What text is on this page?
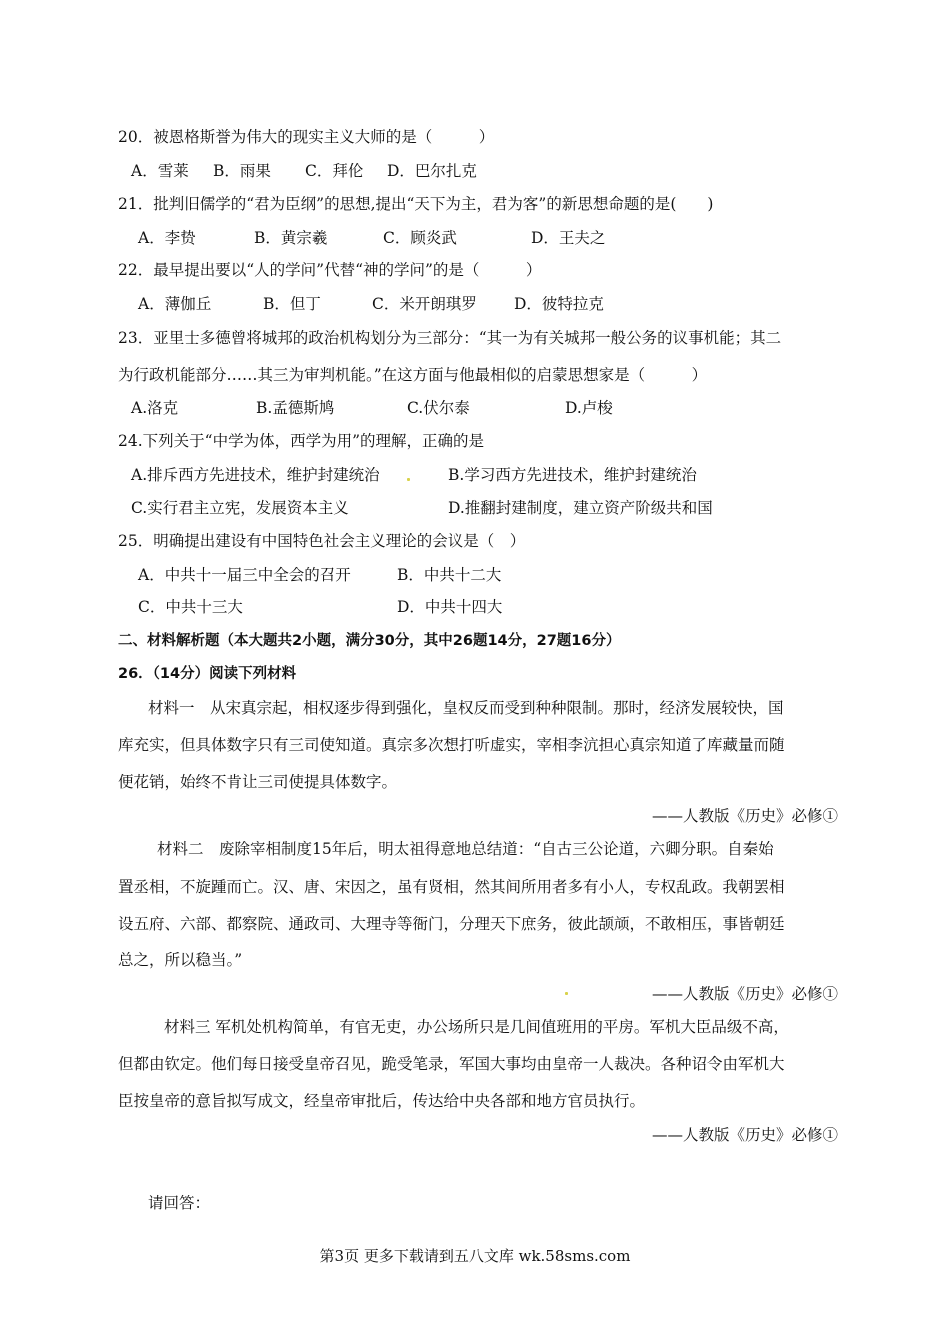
20．被恩格斯誉为伟大的现实主义大师的是（　　　）
A．雪莱 B．雨果 C．拜伦 D．巴尔扎克
21．批判旧儒学的“君为臣纲”的思想,提出“天下为主，君为客”的新思想命题的是(　　)
A．李贽	B．黄宗羲	C．顾炎武	D．王夫之
22．最早提出要以“人的学问”代替“神的学问”的是（　　　）
A．薄伽丘	B．但丁	C．米开朗琪罗 D．彼特拉克
23．亚里士多德曾将城邦的政治机构划分为三部分：“其一为有关城邦一般公务的议事机能；其二
为行政机能部分……其三为审判机能。”在这方面与他最相似的启蒙思想家是（　　　）
A.洛克	B.孟德斯鸠	C.伏尔泰	D.卢梭
24.下列关于“中学为体，西学为用”的理解，正确的是
A.排斥西方先进技术，维护封建统治	B.学习西方先进技术，维护封建统治
C.实行君主立宪，发展资本主义	D.推翻封建制度，建立资产阶级共和国
25．明确提出建设有中国特色社会主义理论的会议是（　）
A．中共十一届三中全会的召开	B．中共十二大
C．中共十三大	D．中共十四大
二、材料解析题（本大题共2小题，满分30分，其中26题14分，27题16分）
26．（14分）阅读下列材料
材料一　从宋真宗起，相权逐步得到强化，皇权反而受到种种限制。那时，经济发展较快，国
库充实，但具体数字只有三司使知道。真宗多次想打听虚实，宰相李沆担心真宗知道了库藏量而随
便花销，始终不肯让三司使提具体数字。
——人教版《历史》必修①
材料二　废除宰相制度15年后，明太祖得意地总结道：“自古三公论道，六卿分职。自秦始
置丞相，不旋踵而亡。汉、唐、宋因之，虽有贤相，然其间所用者多有小人，专权乱政。我朝罢相
设五府、六部、都察院、通政司、大理寺等衙门，分理天下庶务，彼此颉颃，不敢相压，事皆朝廷
总之，所以稳当。”
——人教版《历史》必修①
材料三 军机处机构简单，有官无吏，办公场所只是几间值班用的平房。军机大臣品级不高，
但都由钦定。他们每日接受皇帝召见，跪受笔录，军国大事均由皇帝一人裁决。各种诏令由军机大
臣按皇帝的意旨拟写成文，经皇帝审批后，传达给中央各部和地方官员执行。
——人教版《历史》必修①
请回答：
第3页 更多下载请到五八文库 wk.58sms.com
